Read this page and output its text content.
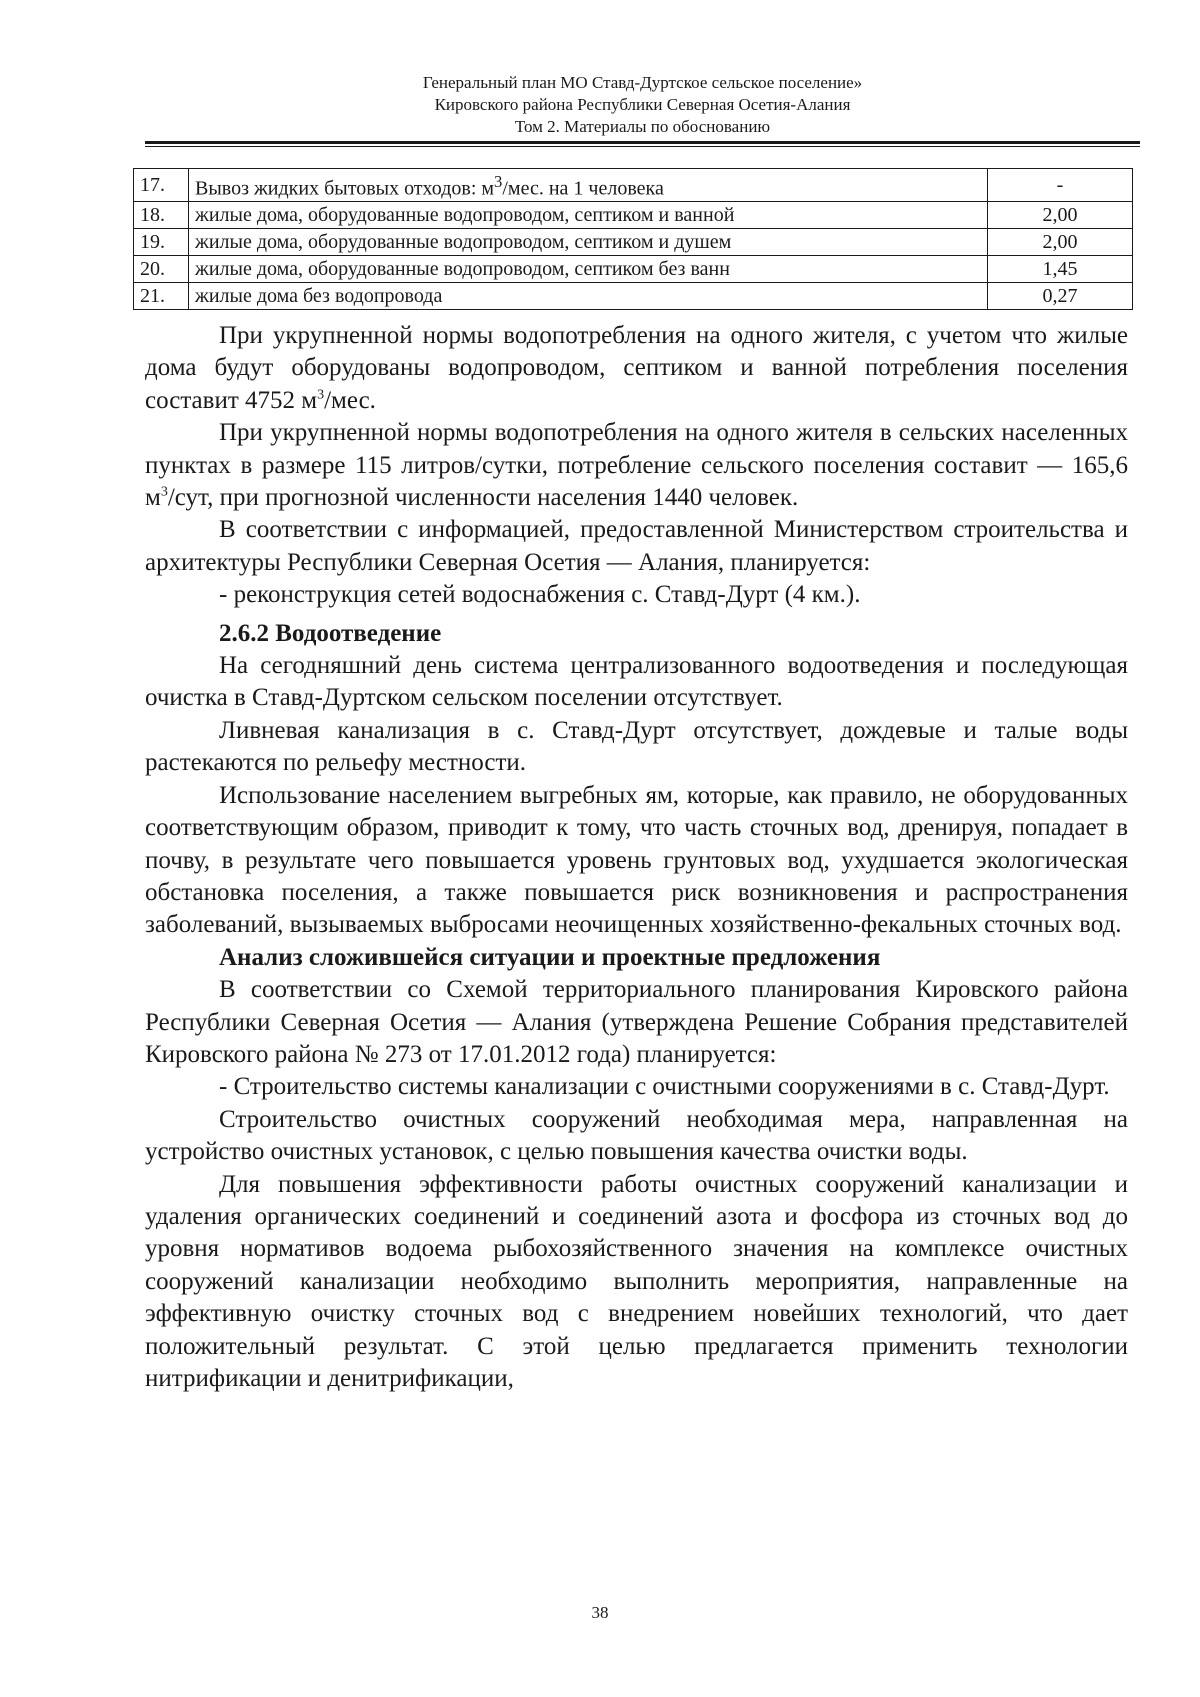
Генеральный план МО Ставд-Дуртское сельское поселение»
Кировского района Республики Северная Осетия-Алания
Том 2. Материалы по обоснованию
17.	Вывоз жидких бытовых отходов: $м^3$/мес. на 1 человека	-
18.	жилые дома, оборудованные водопроводом, септиком и ванной	2,00
19.	жилые дома, оборудованные водопроводом, септиком и душем	2,00
20.	жилые дома, оборудованные водопроводом, септиком без ванн	1,45
21.	жилые дома без водопровода	0,27

При укрупненной нормы водопотребления на одного жителя, с учетом что жилые дома будут оборудованы водопроводом, септиком и ванной потребления поселения составит 4752 $м^3$/мес.

При укрупненной нормы водопотребления на одного жителя в сельских населенных пунктах в размере 115 литров/сутки, потребление сельского поселения составит — 165,6 $м^3$/сут, при прогнозной численности населения 1440 человек.

В соответствии с информацией, предоставленной Министерством строительства и архитектуры Республики Северная Осетия — Алания, планируется:

- реконструкция сетей водоснабжения с. Ставд-Дурт (4 км.).

2.6.2 Водоотведение

На сегодняшний день система централизованного водоотведения и последующая очистка в Ставд-Дуртском сельском поселении отсутствует.

Ливневая канализация в с. Ставд-Дурт отсутствует, дождевые и талые воды растекаются по рельефу местности.

Использование населением выгребных ям, которые, как правило, не оборудованных соответствующим образом, приводит к тому, что часть сточных вод, дренируя, попадает в почву, в результате чего повышается уровень грунтовых вод, ухудшается экологическая обстановка поселения, а также повышается риск возникновения и распространения заболеваний, вызываемых выбросами неочищенных хозяйственно-фекальных сточных вод.

Анализ сложившейся ситуации и проектные предложения

В соответствии со Схемой территориального планирования Кировского района Республики Северная Осетия — Алания (утверждена Решение Собрания представителей Кировского района № 273 от 17.01.2012 года) планируется:

- Строительство системы канализации с очистными сооружениями в с. Ставд-Дурт.

Строительство очистных сооружений необходимая мера, направленная на устройство очистных установок, с целью повышения качества очистки воды.

Для повышения эффективности работы очистных сооружений канализации и удаления органических соединений и соединений азота и фосфора из сточных вод до уровня нормативов водоема рыбохозяйственного значения на комплексе очистных сооружений канализации необходимо выполнить мероприятия, направленные на эффективную очистку сточных вод с внедрением новейших технологий, что дает положительный результат. С этой целью предлагается применить технологии нитрификации и денитрификации,

38
